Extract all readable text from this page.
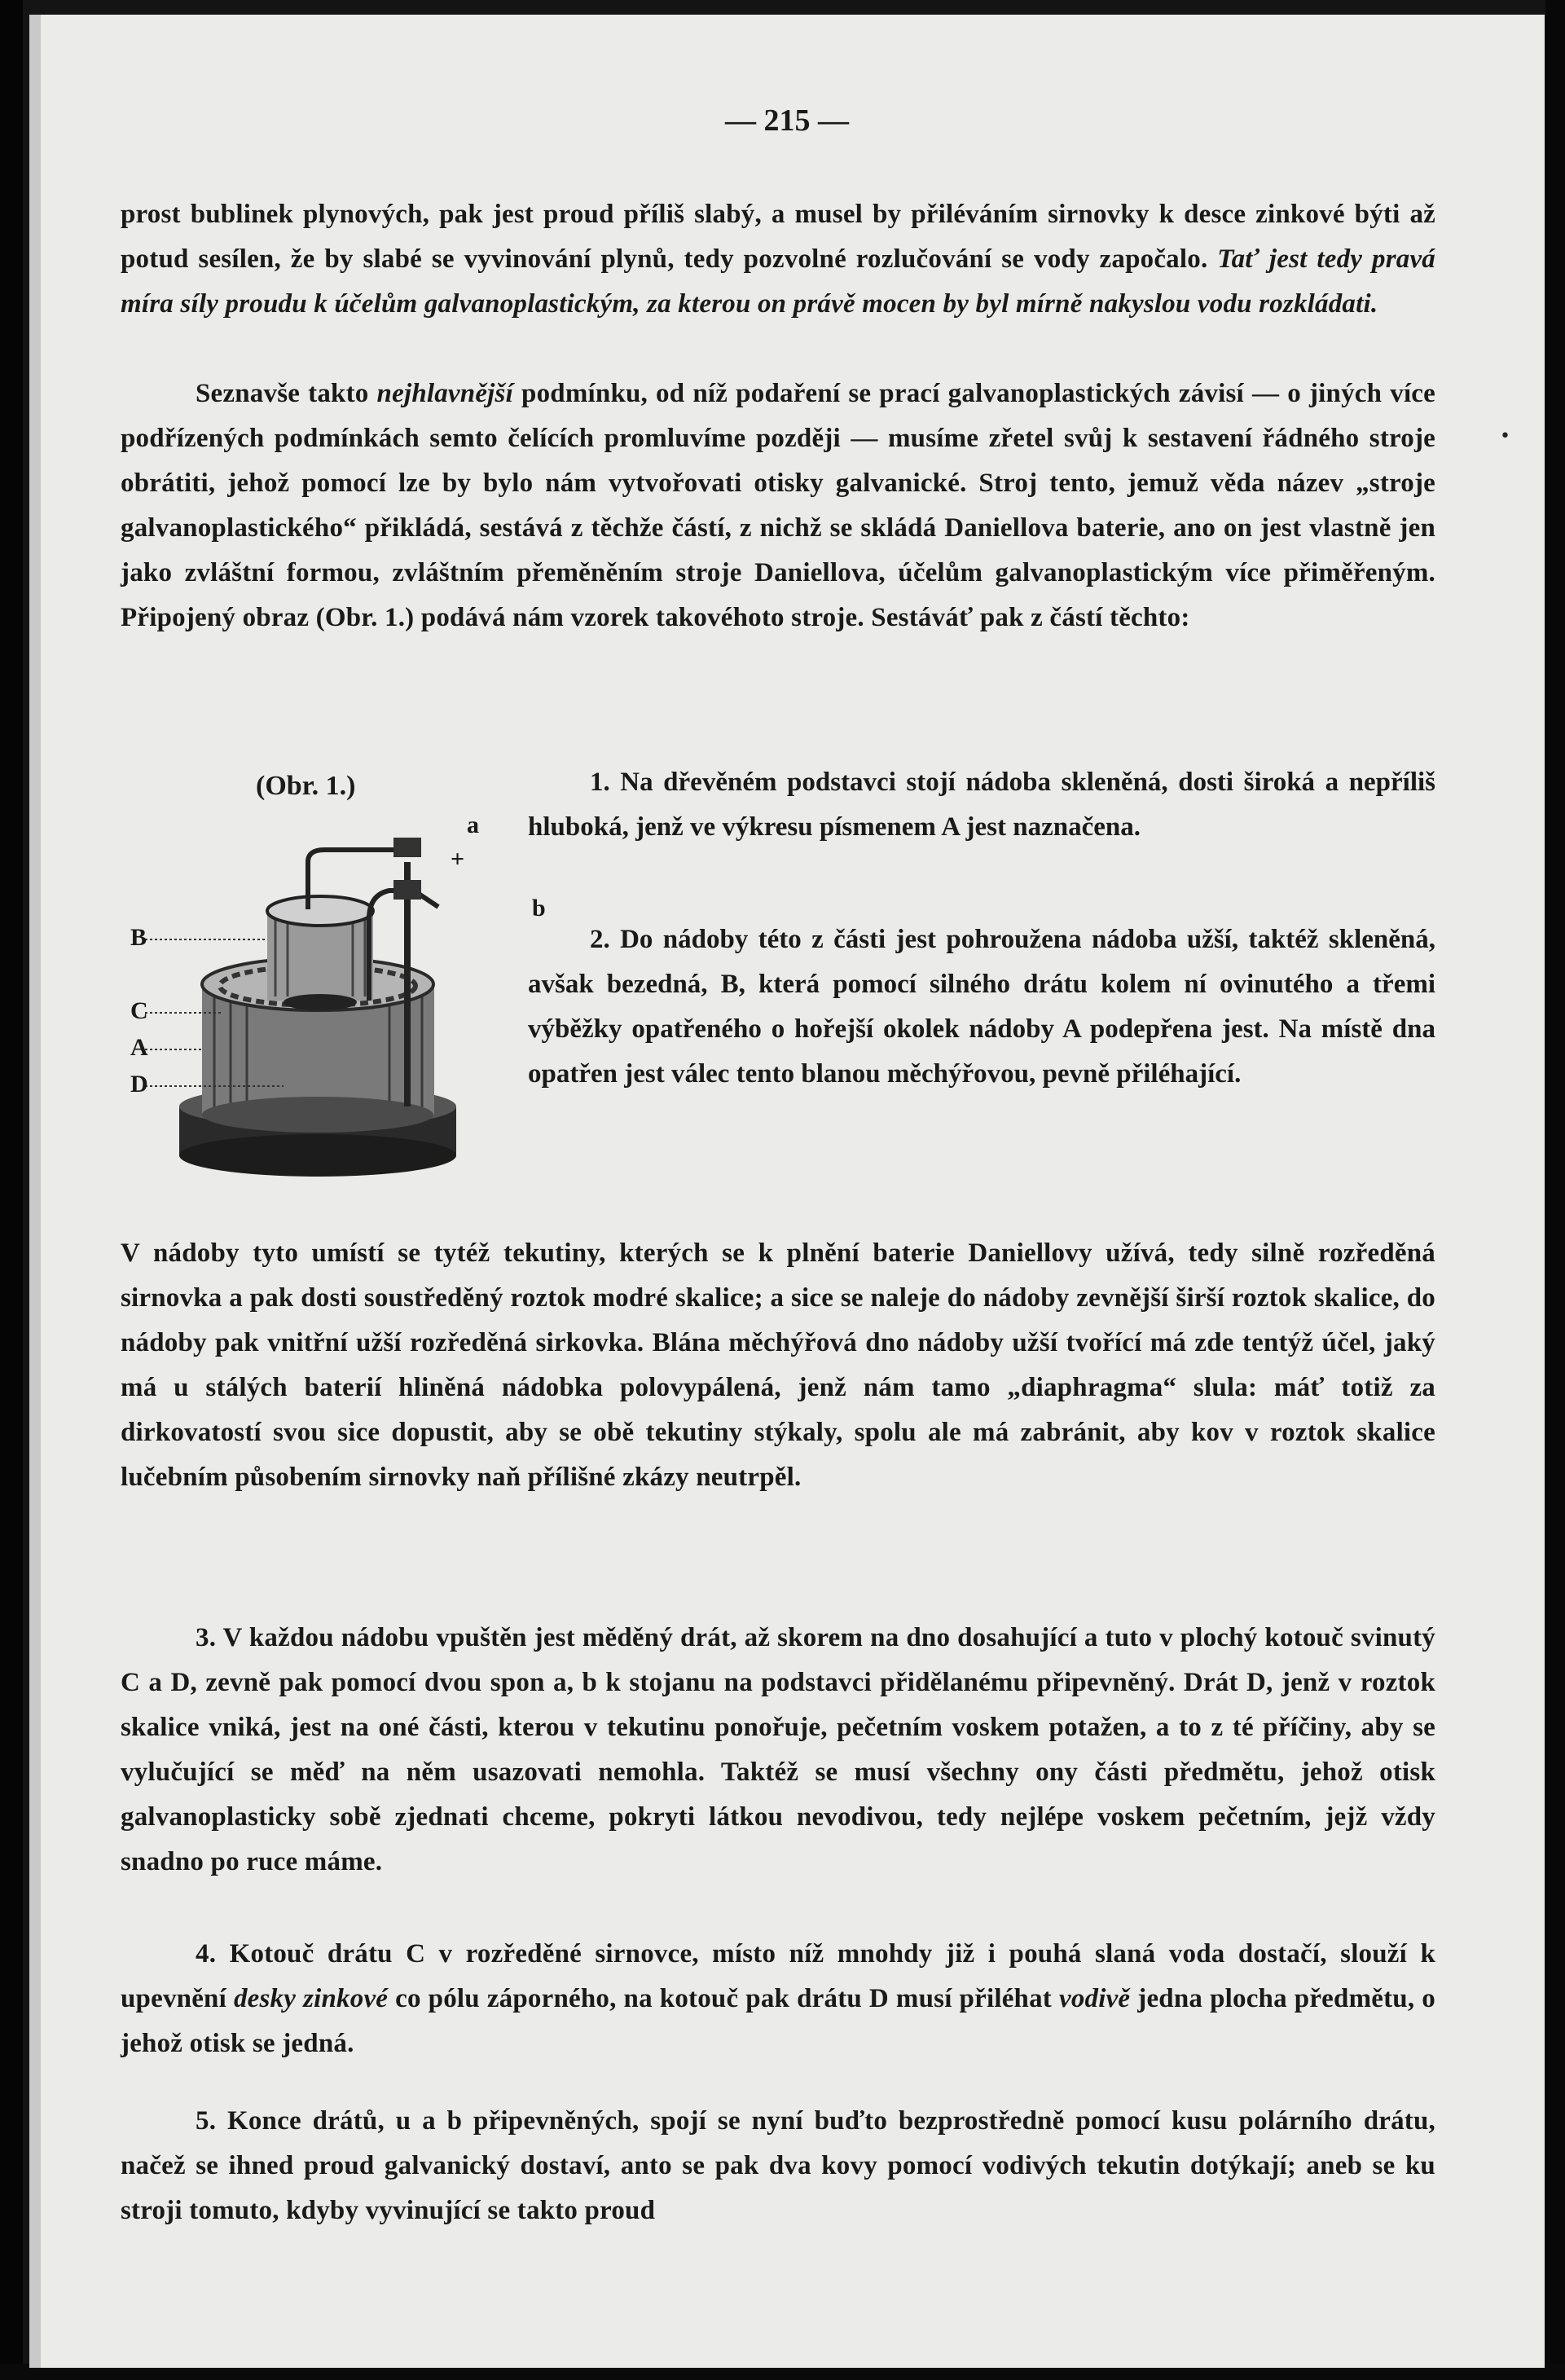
— 215 —

prost bublinek plynových, pak jest proud příliš slabý, a musel by přiléváním sirnovky k desce zinkové býti až potud sesílen, že by slabé se vyvinování plynů, tedy pozvolné rozlučování se vody započalo. Tať jest tedy pravá míra síly proudu k účelům galvanoplastickým, za kterou on právě mocen by byl mírně nakyslou vodu rozkládati.

Seznavše takto nejhlavnější podmínku, od níž podaření se prací galvanoplastických závisí — o jiných více podřízených podmínkách semto čelících promluvíme později — musíme zřetel svůj k sestavení řádného stroje obrátiti, jehož pomocí lze by bylo nám vytvořovati otisky galvanické. Stroj tento, jemuž věda název „stroje galvanoplastického“ přikládá, sestává z těchže částí, z nichž se skládá Daniellova baterie, ano on jest vlastně jen jako zvláštní formou, zvláštním přeměněním stroje Daniellova, účelům galvanoplastickým více přiměřeným. Připojený obraz (Obr. 1.) podává nám vzorek takovéhoto stroje. Sestáváť pak z částí těchto:

•
(Obr. 1.)
a
+
b
B
C
A
D

1. Na dřevěném podstavci stojí nádoba skleněná, dosti široká a nepříliš hluboká, jenž ve výkresu písmenem A jest naznačena.

2. Do nádoby této z části jest pohroužena nádoba užší, taktéž skleněná, avšak bezedná, B, která pomocí silného drátu kolem ní ovinutého a třemi výběžky opatřeného o hořejší okolek nádoby A podepřena jest. Na místě dna opatřen jest válec tento blanou měchýřovou, pevně přiléhající.

V nádoby tyto umístí se tytéž tekutiny, kterých se k plnění baterie Daniellovy užívá, tedy silně rozředěná sirnovka a pak dosti soustředěný roztok modré skalice; a sice se naleje do nádoby zevnější širší roztok skalice, do nádoby pak vnitřní užší rozředěná sirkovka. Blána měchýřová dno nádoby užší tvořící má zde tentýž účel, jaký má u stálých baterií hliněná nádobka polovypálená, jenž nám tamo „diaphragma“ slula: máť totiž za dirkovatostí svou sice dopustit, aby se obě tekutiny stýkaly, spolu ale má zabránit, aby kov v roztok skalice lučebním působením sirnovky naň přílišné zkázy neutrpěl.

3. V každou nádobu vpuštěn jest měděný drát, až skorem na dno dosahující a tuto v plochý kotouč svinutý C a D, zevně pak pomocí dvou spon a, b k stojanu na podstavci přidělanému připevněný. Drát D, jenž v roztok skalice vniká, jest na oné části, kterou v tekutinu ponořuje, pečetním voskem potažen, a to z té příčiny, aby se vylučující se měď na něm usazovati nemohla. Taktéž se musí všechny ony části předmětu, jehož otisk galvanoplasticky sobě zjednati chceme, pokryti látkou nevodivou, tedy nejlépe voskem pečetním, jejž vždy snadno po ruce máme.

4. Kotouč drátu C v rozředěné sirnovce, místo níž mnohdy již i pouhá slaná voda dostačí, slouží k upevnění desky zinkové co pólu záporného, na kotouč pak drátu D musí přiléhat vodivě jedna plocha předmětu, o jehož otisk se jedná.

5. Konce drátů, u a b připevněných, spojí se nyní buďto bezprostředně pomocí kusu polárního drátu, načež se ihned proud galvanický dostaví, anto se pak dva kovy pomocí vodivých tekutin dotýkají; aneb se ku stroji tomuto, kdyby vyvinující se takto proud
